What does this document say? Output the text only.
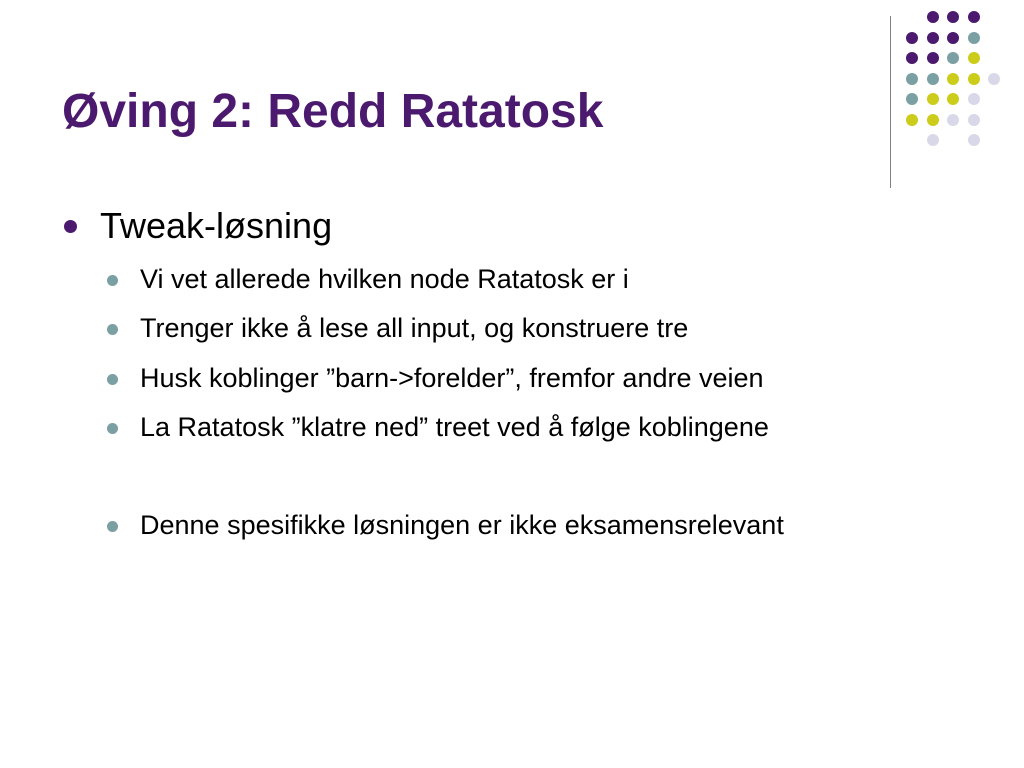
Øving 2: Redd Ratatosk
Tweak-løsning
Vi vet allerede hvilken node Ratatosk er i
Trenger ikke å lese all input, og konstruere tre
Husk koblinger ”barn->forelder”, fremfor andre veien
La Ratatosk ”klatre ned” treet ved å følge koblingene
Denne spesifikke løsningen er ikke eksamensrelevant
